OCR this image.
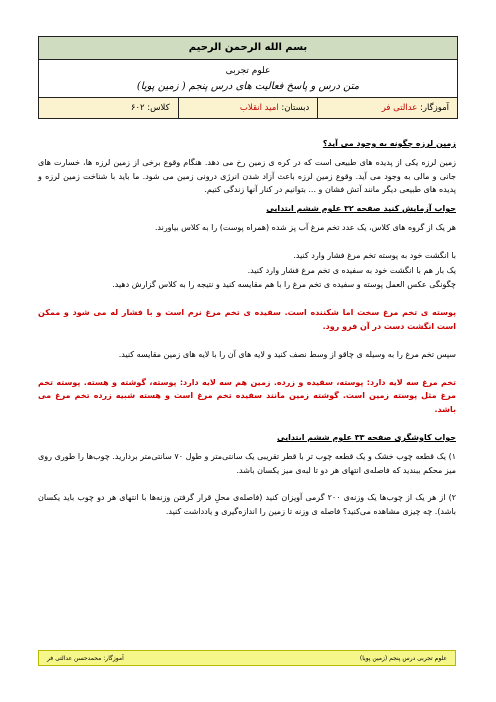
بسم الله الرحمن الرحيم
علوم تجربی
متن درس و پاسخ فعالیت های درس پنجم ( زمین پویا)
آموزگار: عدالتی فر
دبستان: امید انقلاب
کلاس: ۶۰۲

زمین لرزه چگونه به وجود می آید؟

زمین لرزه یکی از پدیده های طبیعی است که در کره ی زمین رخ می دهد. هنگام وقوع برخی از زمین لرزه ها، خسارت های جانی و مالی به وجود می آید. وقوع زمین لرزه باعث آزاد شدن انرژی درونی زمین می شود. ما باید با شناخت زمین لرزه و پدیده های طبیعی دیگر مانند آتش فشان و ... بتوانیم در کنار آنها زندگی کنیم.

جواب آزمایش کنید صفحه ۳۲ علوم ششم ابتدایی

هر یک از گروه های کلاس، یک عدد تخم مرغ آب پز شده (همراه پوست) را به کلاس بیاورند.

با انگشت خود به پوسته تخم مرغ فشار وارد کنید.

یک بار هم با انگشت خود به سفیده ی تخم مرغ فشار وارد کنید.

چگونگی عکس العمل پوسته و سفیده ی تخم مرغ را با هم مقایسه کنید و نتیجه را به کلاس گزارش دهید.

پوسته ی تخم مرغ سخت اما شکننده است. سفیده ی تخم مرغ نرم است و با فشار له می شود و ممکن است انگشت دست در آن فرو رود.

سپس تخم مرغ را به وسیله ی چاقو از وسط نصف کنید و لایه های آن را با لایه های زمین مقایسه کنید.

تخم مرغ سه لایه دارد: پوسته، سفیده و زرده. زمین هم سه لایه دارد: پوسته، گوشته و هسته. پوسته تخم مرغ مثل پوسته زمین است. گوشته زمین مانند سفیده تخم مرغ است و هسته شبیه زرده تخم مرغ می باشد.

جواب کاوشگری صفحه ۳۳ علوم ششم ابتدایی

۱) یک قطعه چوب خشک و یک قطعه چوب تر با قطر تقریبی یک سانتی‌متر و طول ۷۰ سانتی‌متر بردارید. چوب‌ها را طوری روی میز محکم ببندید که فاصله‌ی انتهای هر دو تا لبه‌ی میز یکسان باشد.

۲) از هر یک از چوب‌ها یک وزنه‌ی ۲۰۰ گرمی آویزان کنید (فاصله‌ی محلِ قرار گرفتن وزنه‌ها با انتهای هر دو چوب باید یکسان باشد). چه چیزی مشاهده می‌کنید؟ فاصله ی وزنه تا زمین را اندازه‌گیری و یادداشت کنید.

علوم تجربی درس پنجم (زمین پویا)
آموزگار: محمدحسن عدالتی فر
